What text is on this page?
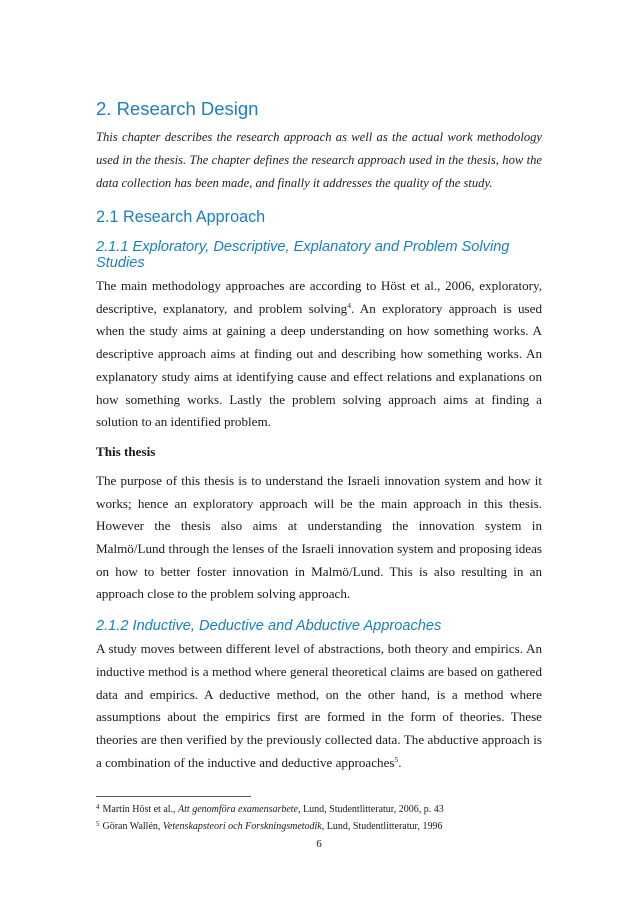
2. Research Design

This chapter describes the research approach as well as the actual work methodology used in the thesis. The chapter defines the research approach used in the thesis, how the data collection has been made, and finally it addresses the quality of the study.

2.1 Research Approach
2.1.1 Exploratory, Descriptive, Explanatory and Problem Solving Studies

The main methodology approaches are according to Höst et al., 2006, exploratory, descriptive, explanatory, and problem solving$^4$. An exploratory approach is used when the study aims at gaining a deep understanding on how something works. A descriptive approach aims at finding out and describing how something works. An explanatory study aims at identifying cause and effect relations and explanations on how something works. Lastly the problem solving approach aims at finding a solution to an identified problem.

This thesis

The purpose of this thesis is to understand the Israeli innovation system and how it works; hence an exploratory approach will be the main approach in this thesis. However the thesis also aims at understanding the innovation system in Malmö/Lund through the lenses of the Israeli innovation system and proposing ideas on how to better foster innovation in Malmö/Lund. This is also resulting in an approach close to the problem solving approach.

2.1.2 Inductive, Deductive and Abductive Approaches

A study moves between different level of abstractions, both theory and empirics. An inductive method is a method where general theoretical claims are based on gathered data and empirics. A deductive method, on the other hand, is a method where assumptions about the empirics first are formed in the form of theories. These theories are then verified by the previously collected data. The abductive approach is a combination of the inductive and deductive approaches$^5$.

$^4$ Martin Höst et al., Att genomföra examensarbete, Lund, Studentlitteratur, 2006, p. 43
$^5$ Göran Wallén, Vetenskapsteori och Forskningsmetodik, Lund, Studentlitteratur, 1996
6
